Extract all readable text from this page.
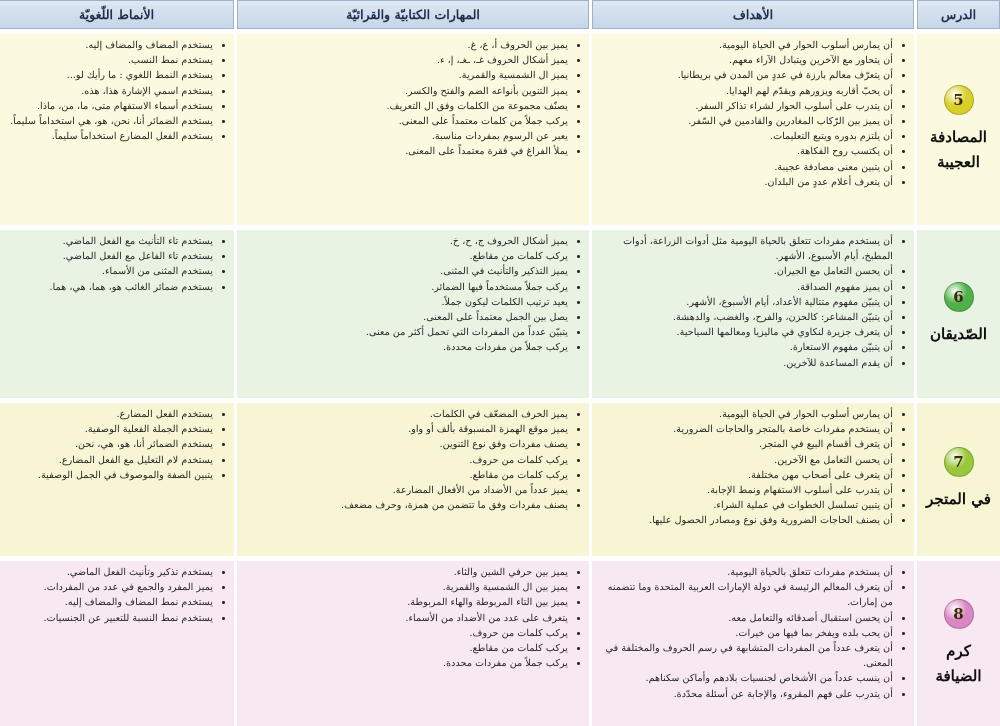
الدرس
الأهداف
المهارات الكتابيّة والقرائيّة
الأنماط اللّغويّة
5
المصادفة العجيبة
• أن يمارس أسلوب الحوار في الحياة اليومية.
• أن يتحاور مع الآخرين ويتبادل الآراء معهم.
• أن يتعرّف معالم بارزة في عددٍ من المدن في بريطانيا.
• أن يحبّ أقاربه ويزورهم ويقدّم لهم الهدايا.
• أن يتدرب على أسلوب الحوار لشراء تذاكر السفر.
• أن يميز بين الرّكاب المغادرين والقادمين في السّفر.
• أن يلتزم بدوره ويتبع التعليمات.
• أن يكتسب روح الفكاهة.
• أن يتبين معنى مصادفة عجيبة.
• أن يتعرف أعلام عددٍ من البلدان.
• يميز بين الحروف أ، ع، غ.
• يميز أشكال الحروف غـ، ـغـ، إ، ء.
• يميز ال الشمسية والقمرية.
• يميز التنوين بأنواعه الضم والفتح والكسر.
• يصنّف مجموعة من الكلمات وفق ال التعريف.
• يركب جملاً من كلمات معتمداً على المعنى.
• يعبر عن الرسوم بمفردات مناسبة.
• يملأ الفراغ في فقرة معتمداً على المعنى.
• يستخدم المضاف والمضاف إليه.
• يستخدم نمط النسب.
• يستخدم النمط اللغوي : ما رأيك لو...
• يستخدم اسمي الإشارة هذا، هذه.
• يستخدم أسماء الاستفهام متى، ما، من، ماذا.
• يستخدم الضمائر أنا، نحن، هو، هي استخداماً سليماً.
• يستخدم الفعل المضارع استخداماً سليماً.
6
الصّديقان
• أن يستخدم مفردات تتعلق بالحياة اليومية مثل أدوات الزراعة، أدوات المطبخ، أيام الأسبوع، الأشهر.
• أن يحسن التعامل مع الجيران.
• أن يميز مفهوم الصداقة.
• أن يتبيّن مفهوم متتالية الأعداد، أيام الأسبوع، الأشهر.
• أن يتبيّن المشاعر: كالحزن، والفرح، والغضب، والدهشة.
• أن يتعرف جزيرة لنكاوي في ماليزيا ومعالمها السياحية.
• أن يتبيّن مفهوم الاستعارة.
• أن يقدم المساعدة للآخرين.
• يميز أشكال الحروف ج، ح، خ.
• يركب كلمات من مقاطع.
• يميز التذكير والتأنيث في المثنى.
• يركب جملاً مستخدماً فيها الضمائر.
• يعيد ترتيب الكلمات ليكون جملاً.
• يصل بين الجمل معتمداً على المعنى.
• يتبيّن عدداً من المفردات التي تحمل أكثر من معنى.
• يركب جملاً من مفردات محددة.
• يستخدم تاء التأنيث مع الفعل الماضي.
• يستخدم تاء الفاعل مع الفعل الماضي.
• يستخدم المثنى من الأسماء.
• يستخدم ضمائر الغائب هو، هما، هي، هما.
7
في المتجر
• أن يمارس أسلوب الحوار في الحياة اليومية.
• أن يستخدم مفردات خاصة بالمتجر والحاجات الضرورية.
• أن يتعرف أقسام البيع في المتجر.
• أن يحسن التعامل مع الآخرين.
• أن يتعرف على أصحاب مهن مختلفة.
• أن يتدرب على أسلوب الاستفهام ونمط الإجابة.
• أن يتبين تسلسل الخطوات في عملية الشراء.
• أن يصنف الحاجات الضرورية وفق نوع ومصادر الحصول عليها.
• يميز الحرف المضعّف في الكلمات.
• يميز موقع الهمزة المسبوقة بألف أو واو.
• يصنف مفردات وفق نوع التنوين.
• يركب كلمات من حروف.
• يركب كلمات من مقاطع.
• يميز عدداً من الأضداد من الأفعال المضارعة.
• يصنف مفردات وفق ما تتضمن من همزة، وحرف مضعف.
• يستخدم الفعل المضارع.
• يستخدم الجملة الفعلية الوصفية.
• يستخدم الضمائر أنا، هو، هي، نحن.
• يستخدم لام التعليل مع الفعل المضارع.
• يتبين الصفة والموصوف في الجمل الوصفية.
8
كرم الضيافة
• أن يستخدم مفردات تتعلق بالحياة اليومية.
• أن يتعرف المعالم الرئيسة في دولة الإمارات العربية المتحدة وما تتضمنه من إمارات.
• أن يحسن استقبال أصدقائه والتعامل معه.
• أن يحب بلده ويفخر بما فيها من خيرات.
• أن يتعرف عدداً من المفردات المتشابهة في رسم الحروف والمختلفة في المعنى.
• أن ينسب عدداً من الأشخاص لجنسيات بلادهم وأماكن سكناهم.
• أن يتدرب على فهم المقروء، والإجابة عن أسئلة محدّدة.
• يميز بين حرفي الشين والثاء.
• يميز بين ال الشمسية والقمرية.
• يميز بين التاء المربوطة والهاء المربوطة.
• يتعرف على عدد من الأضداد من الأسماء.
• يركب كلمات من حروف.
• يركب كلمات من مقاطع.
• يركب جملاً من مفردات محددة.
• يستخدم تذكير وتأنيث الفعل الماضي.
• يميز المفرد والجمع في عدد من المفردات.
• يستخدم نمط المضاف والمضاف إليه.
• يستخدم نمط النسبة للتعبير عن الجنسيات.
